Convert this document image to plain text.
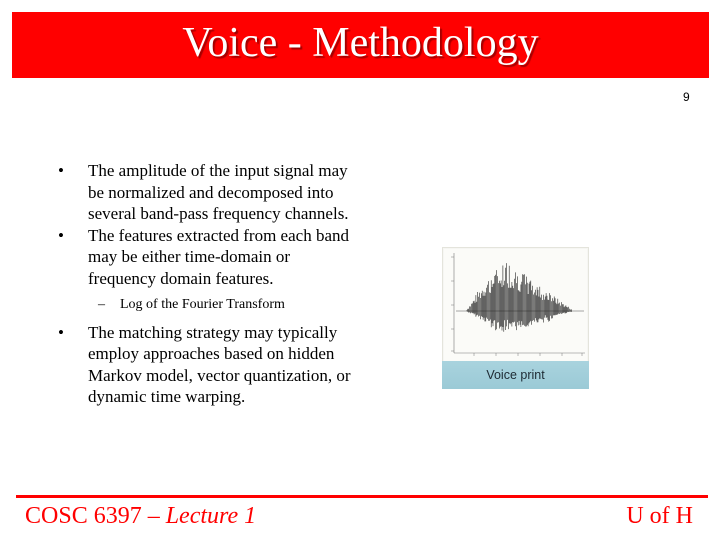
Voice - Methodology
9
• The amplitude of the input signal may be normalized and decomposed into several band-pass frequency channels.
• The features extracted from each band may be either time-domain or frequency domain features.
– Log of the Fourier Transform
• The matching strategy may typically employ approaches based on hidden Markov model, vector quantization, or dynamic time warping.
Voice print
COSC 6397 – Lecture 1	U of H
